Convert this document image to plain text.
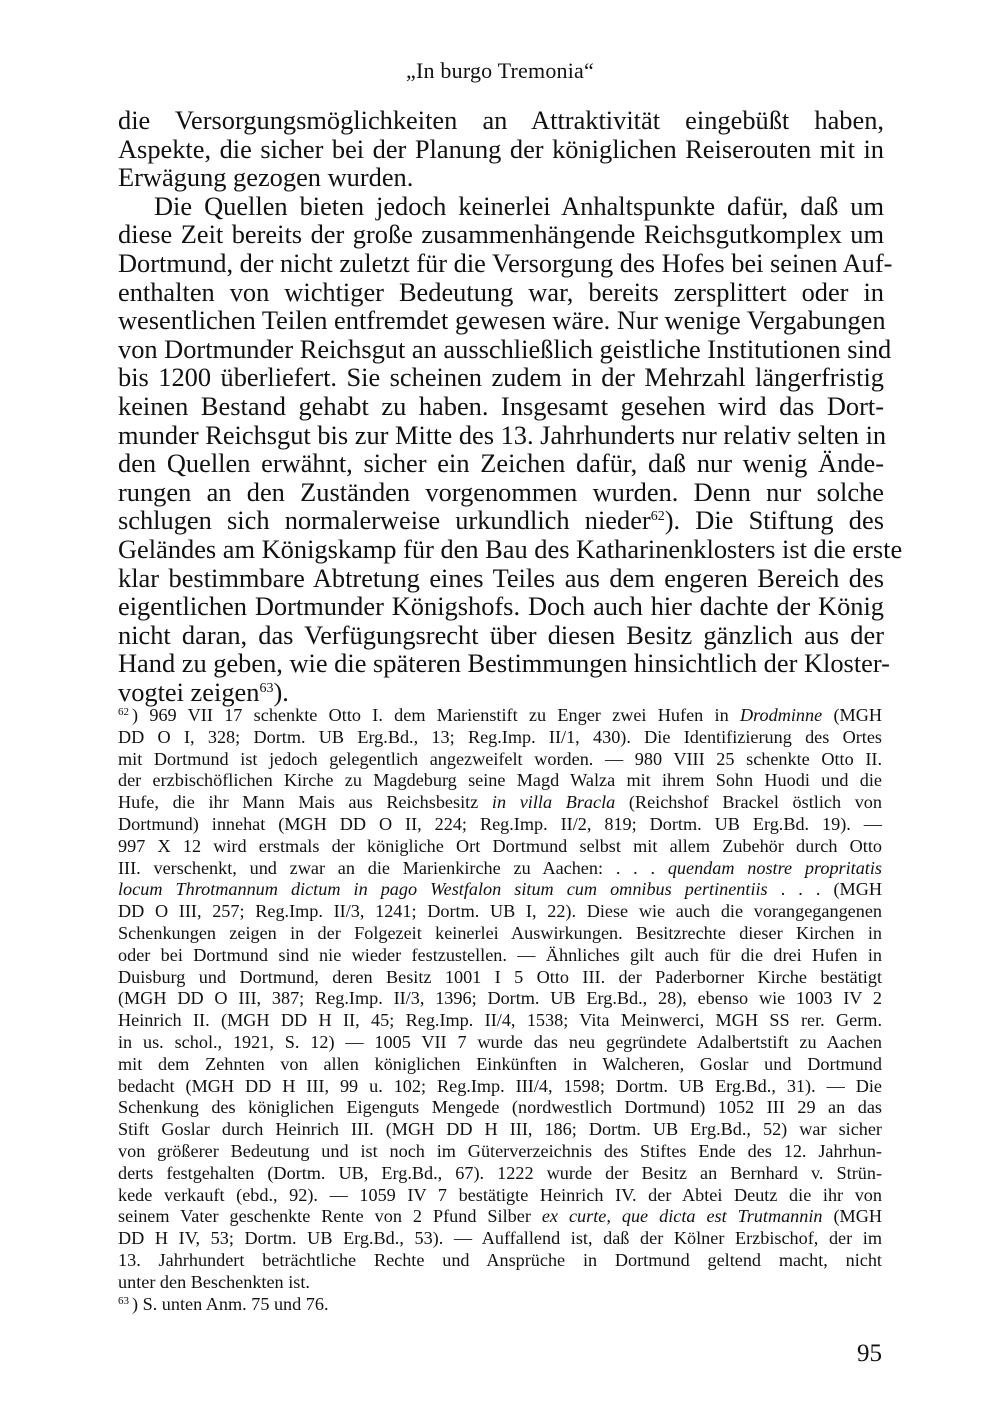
„In burgo Tremonia“
die Versorgungsmöglichkeiten an Attraktivität eingebüßt haben,
Aspekte, die sicher bei der Planung der königlichen Reiserouten mit in
Erwägung gezogen wurden.
Die Quellen bieten jedoch keinerlei Anhaltspunkte dafür, daß um
diese Zeit bereits der große zusammenhängende Reichsgutkomplex um
Dortmund, der nicht zuletzt für die Versorgung des Hofes bei seinen Auf-
enthalten von wichtiger Bedeutung war, bereits zersplittert oder in
wesentlichen Teilen entfremdet gewesen wäre. Nur wenige Vergabungen
von Dortmunder Reichsgut an ausschließlich geistliche Institutionen sind
bis 1200 überliefert. Sie scheinen zudem in der Mehrzahl längerfristig
keinen Bestand gehabt zu haben. Insgesamt gesehen wird das Dort-
munder Reichsgut bis zur Mitte des 13. Jahrhunderts nur relativ selten in
den Quellen erwähnt, sicher ein Zeichen dafür, daß nur wenig Ände-
rungen an den Zuständen vorgenommen wurden. Denn nur solche
schlugen sich normalerweise urkundlich nieder$^{62}$). Die Stiftung des
Geländes am Königskamp für den Bau des Katharinenklosters ist die erste
klar bestimmbare Abtretung eines Teiles aus dem engeren Bereich des
eigentlichen Dortmunder Königshofs. Doch auch hier dachte der König
nicht daran, das Verfügungsrecht über diesen Besitz gänzlich aus der
Hand zu geben, wie die späteren Bestimmungen hinsichtlich der Kloster-
vogtei zeigen$^{63}$).
$^{62}$ ) 969 VII 17 schenkte Otto I. dem Marienstift zu Enger zwei Hufen in Drodminne (MGH
DD O I, 328; Dortm. UB Erg.Bd., 13; Reg.Imp. II/1, 430). Die Identifizierung des Ortes
mit Dortmund ist jedoch gelegentlich angezweifelt worden. — 980 VIII 25 schenkte Otto II.
der erzbischöflichen Kirche zu Magdeburg seine Magd Walza mit ihrem Sohn Huodi und die
Hufe, die ihr Mann Mais aus Reichsbesitz in villa Bracla (Reichshof Brackel östlich von
Dortmund) innehat (MGH DD O II, 224; Reg.Imp. II/2, 819; Dortm. UB Erg.Bd. 19). —
997 X 12 wird erstmals der königliche Ort Dortmund selbst mit allem Zubehör durch Otto
III. verschenkt, und zwar an die Marienkirche zu Aachen: . . . quendam nostre propritatis
locum Throtmannum dictum in pago Westfalon situm cum omnibus pertinentiis . . . (MGH
DD O III, 257; Reg.Imp. II/3, 1241; Dortm. UB I, 22). Diese wie auch die vorangegangenen
Schenkungen zeigen in der Folgezeit keinerlei Auswirkungen. Besitzrechte dieser Kirchen in
oder bei Dortmund sind nie wieder festzustellen. — Ähnliches gilt auch für die drei Hufen in
Duisburg und Dortmund, deren Besitz 1001 I 5 Otto III. der Paderborner Kirche bestätigt
(MGH DD O III, 387; Reg.Imp. II/3, 1396; Dortm. UB Erg.Bd., 28), ebenso wie 1003 IV 2
Heinrich II. (MGH DD H II, 45; Reg.Imp. II/4, 1538; Vita Meinwerci, MGH SS rer. Germ.
in us. schol., 1921, S. 12) — 1005 VII 7 wurde das neu gegründete Adalbertstift zu Aachen
mit dem Zehnten von allen königlichen Einkünften in Walcheren, Goslar und Dortmund
bedacht (MGH DD H III, 99 u. 102; Reg.Imp. III/4, 1598; Dortm. UB Erg.Bd., 31). — Die
Schenkung des königlichen Eigenguts Mengede (nordwestlich Dortmund) 1052 III 29 an das
Stift Goslar durch Heinrich III. (MGH DD H III, 186; Dortm. UB Erg.Bd., 52) war sicher
von größerer Bedeutung und ist noch im Güterverzeichnis des Stiftes Ende des 12. Jahrhun-
derts festgehalten (Dortm. UB, Erg.Bd., 67). 1222 wurde der Besitz an Bernhard v. Strün-
kede verkauft (ebd., 92). — 1059 IV 7 bestätigte Heinrich IV. der Abtei Deutz die ihr von
seinem Vater geschenkte Rente von 2 Pfund Silber ex curte, que dicta est Trutmannin (MGH
DD H IV, 53; Dortm. UB Erg.Bd., 53). — Auffallend ist, daß der Kölner Erzbischof, der im
13. Jahrhundert beträchtliche Rechte und Ansprüche in Dortmund geltend macht, nicht
unter den Beschenkten ist.
$^{63}$ ) S. unten Anm. 75 und 76.
95
